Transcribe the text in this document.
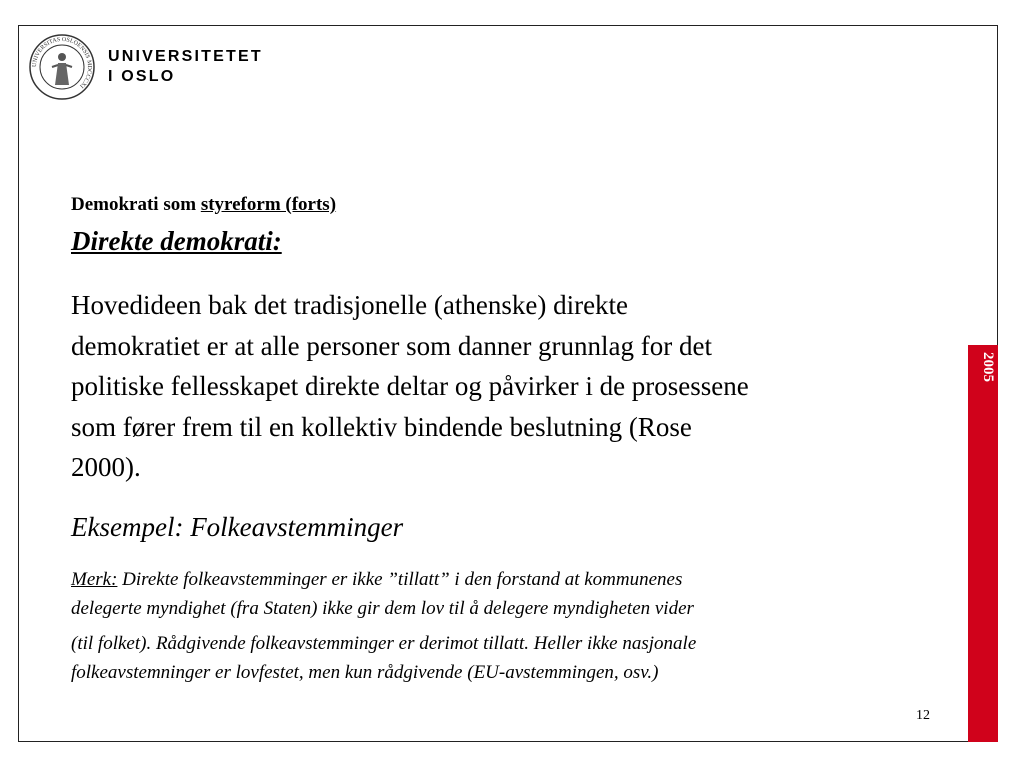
2005
UNIVERSITAS OSLOENSIS MDCCCXI
UNIVERSITETET
I OSLO
Demokrati som styreform (forts)
Direkte demokrati:
Hovedideen bak det tradisjonelle (athenske) direkte
demokratiet er at alle personer som danner grunnlag for det
politiske fellesskapet direkte deltar og påvirker i de prosessene
som fører frem til en kollektiv bindende beslutning (Rose
2000).
Eksempel: Folkeavstemminger
Merk: Direkte folkeavstemminger er ikke ”tillatt” i den forstand at kommunenes
delegerte myndighet (fra Staten) ikke gir dem lov til å delegere myndigheten vider
(til folket). Rådgivende folkeavstemminger er derimot tillatt. Heller ikke nasjonale
folkeavstemninger er lovfestet, men kun rådgivende (EU-avstemmingen, osv.)
12
